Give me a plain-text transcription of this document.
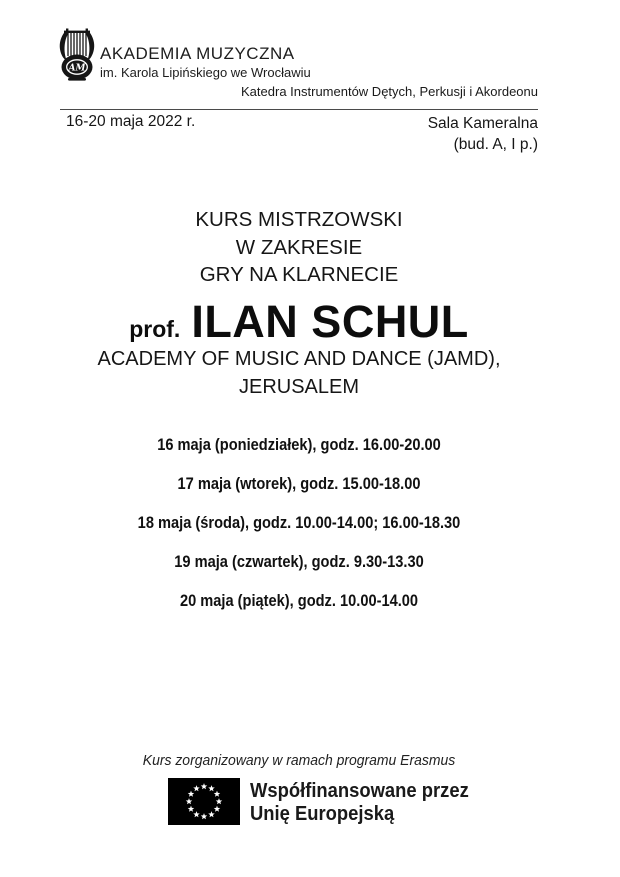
AM
AKADEMIA MUZYCZNA
im. Karola Lipińskiego we Wrocławiu
Katedra Instrumentów Dętych, Perkusji i Akordeonu
16-20 maja 2022 r.	Sala Kameralna
(bud. A, I p.)
KURS MISTRZOWSKI
W ZAKRESIE
GRY NA KLARNECIE
prof. ILAN SCHUL
ACADEMY OF MUSIC AND DANCE (JAMD),
JERUSALEM
16 maja (poniedziałek), godz. 16.00-20.00
17 maja (wtorek), godz. 15.00-18.00
18 maja (środa), godz. 10.00-14.00; 16.00-18.30
19 maja (czwartek), godz. 9.30-13.30
20 maja (piątek), godz. 10.00-14.00
Kurs zorganizowany w ramach programu Erasmus
Współfinansowane przez
Unię Europejską
